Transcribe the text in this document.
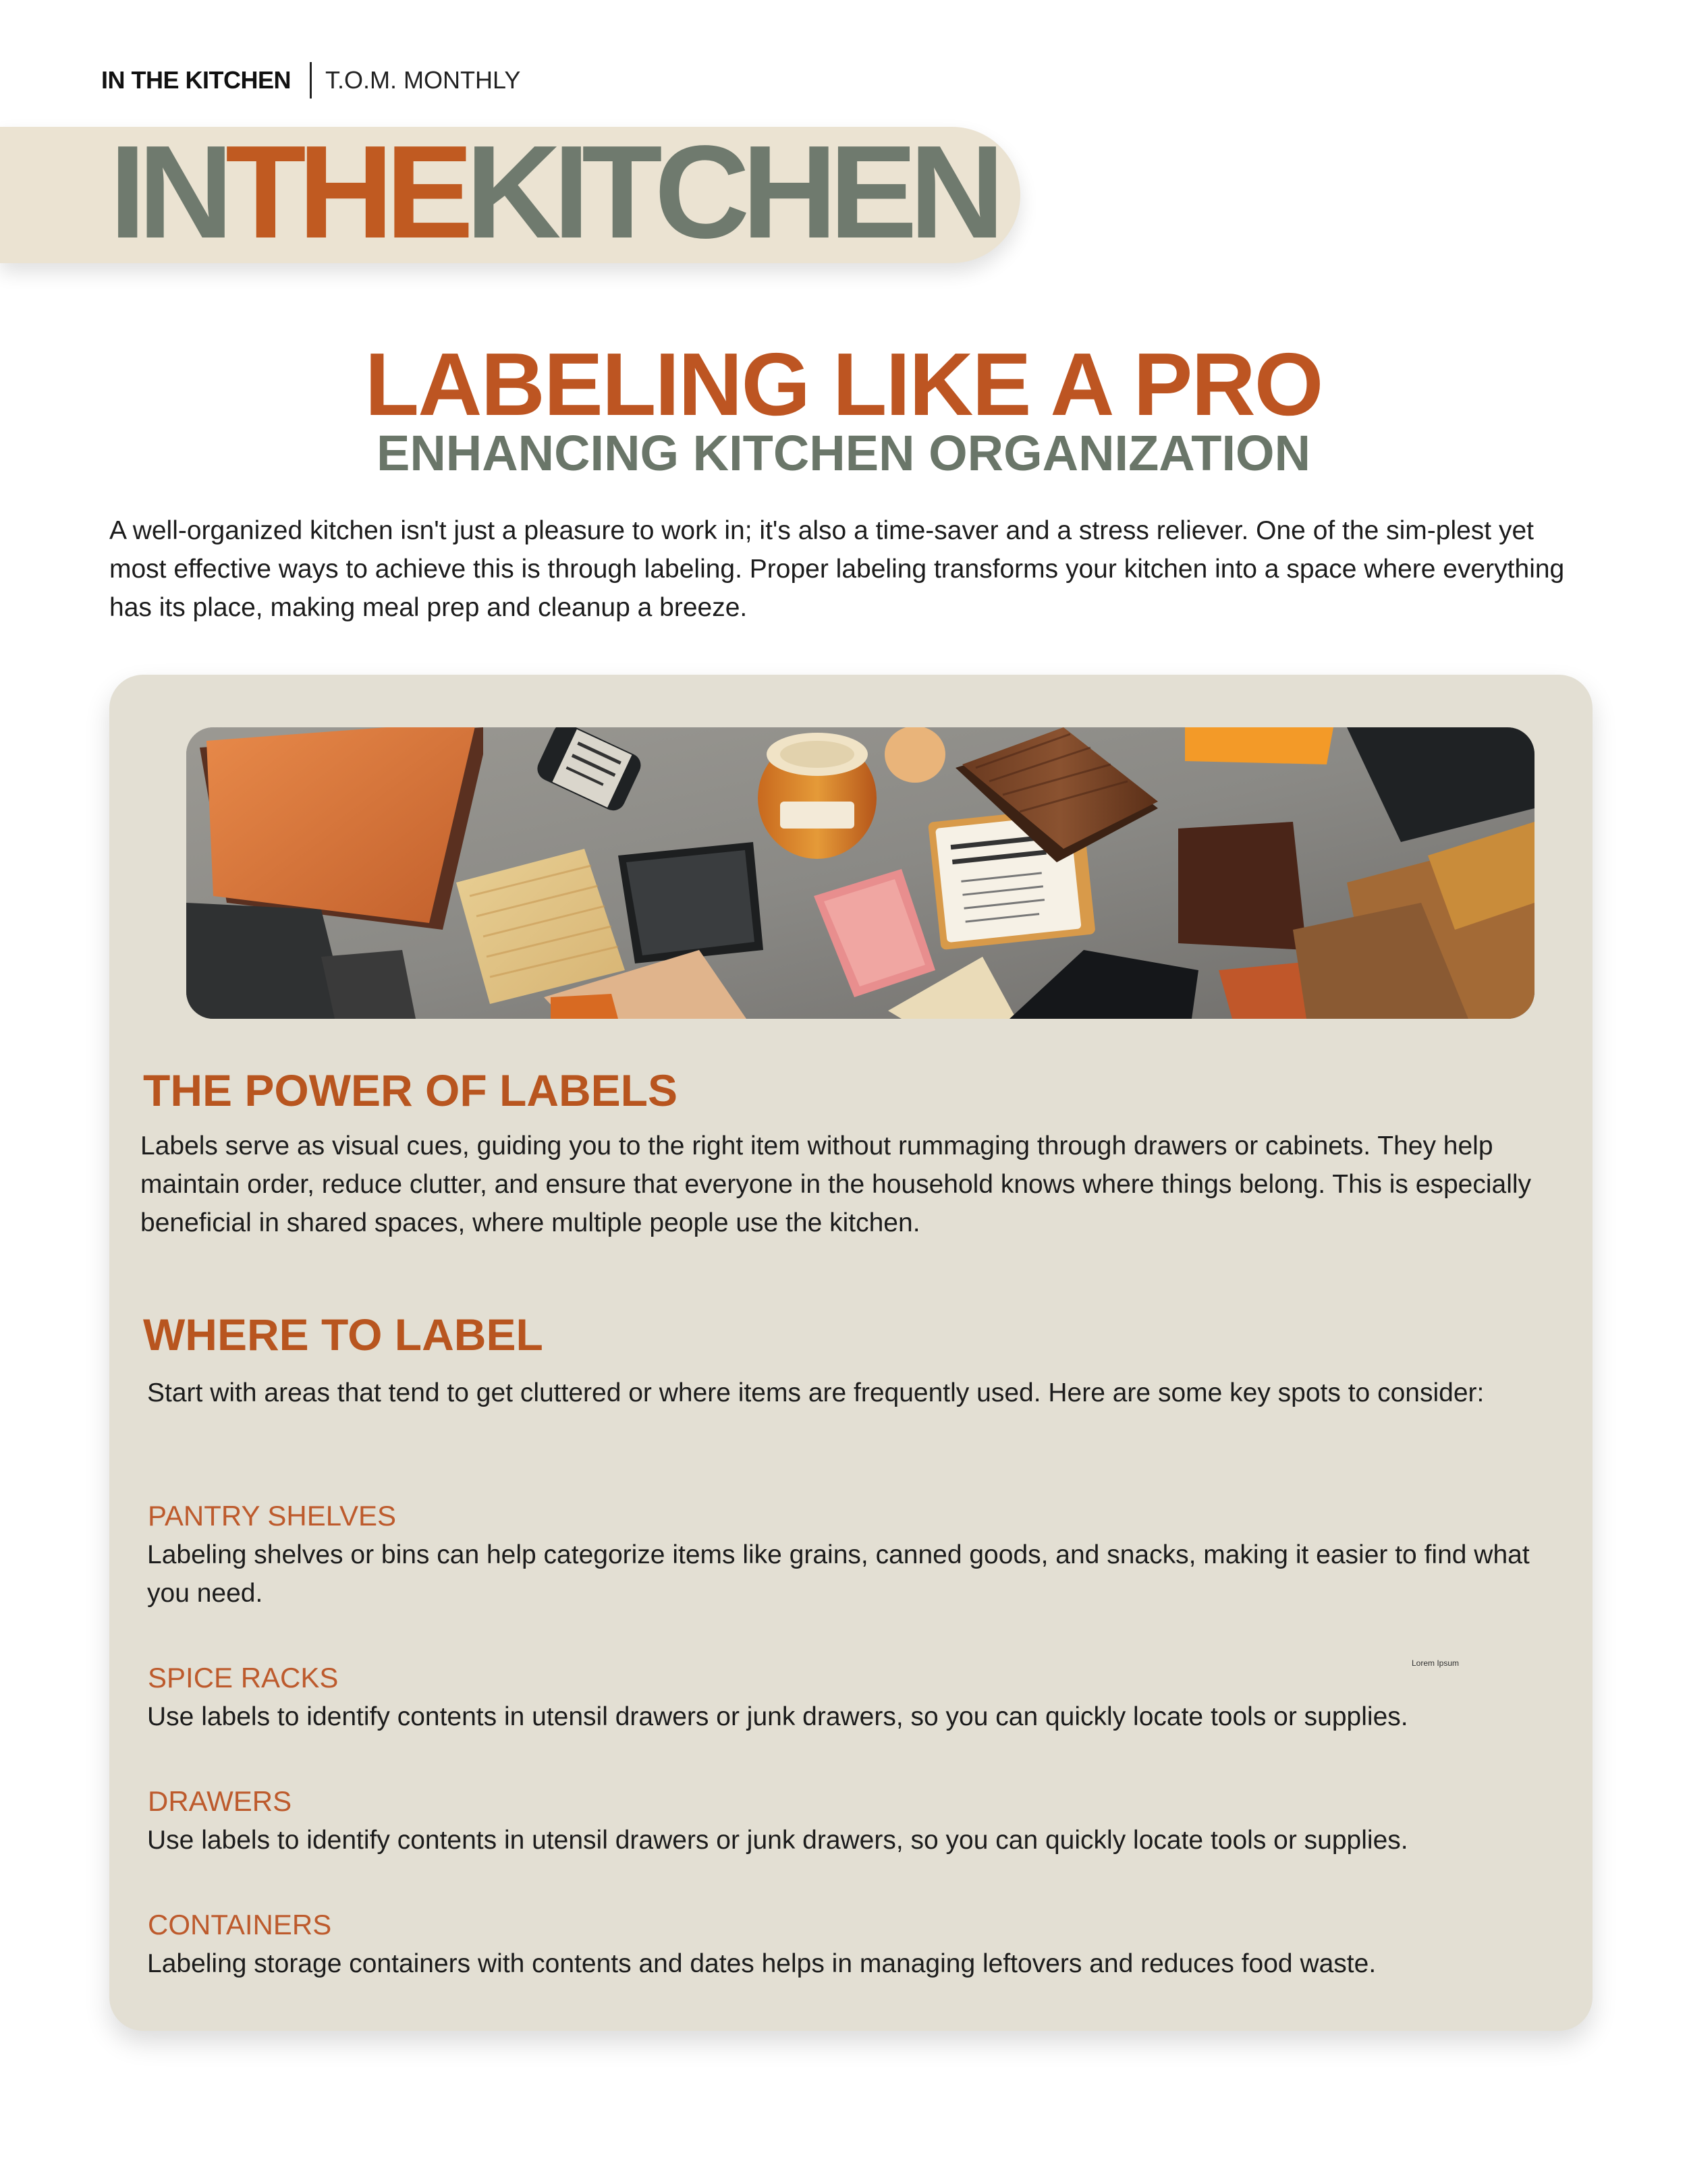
IN THE KITCHEN T.O.M. MONTHLY
INTHEKITCHEN
LABELING LIKE A PRO
ENHANCING KITCHEN ORGANIZATION
A well-organized kitchen isn't just a pleasure to work in; it's also a time-saver and a stress reliever. One of the sim-plest yet most effective ways to achieve this is through labeling. Proper labeling transforms your kitchen into a space where everything has its place, making meal prep and cleanup a breeze.
THE POWER OF LABELS
Labels serve as visual cues, guiding you to the right item without rummaging through drawers or cabinets. They help maintain order, reduce clutter, and ensure that everyone in the household knows where things belong. This is especially beneficial in shared spaces, where multiple people use the kitchen.
WHERE TO LABEL
Start with areas that tend to get cluttered or where items are frequently used. Here are some key spots to consider:
PANTRY SHELVES
Labeling shelves or bins can help categorize items like grains, canned goods, and snacks, making it easier to find what you need.
SPICE RACKS
Use labels to identify contents in utensil drawers or junk drawers, so you can quickly locate tools or supplies.
DRAWERS
Use labels to identify contents in utensil drawers or junk drawers, so you can quickly locate tools or supplies.
CONTAINERS
Labeling storage containers with contents and dates helps in managing leftovers and reduces food waste.
Lorem Ipsum
